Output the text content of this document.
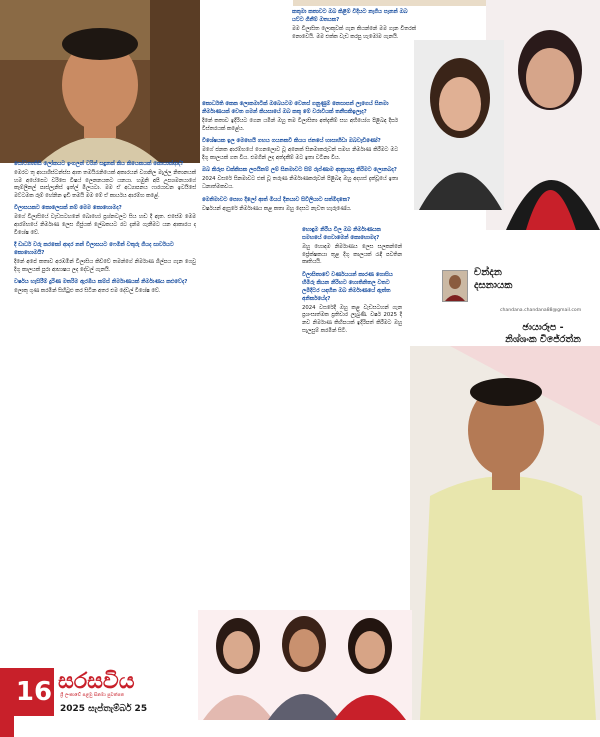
චන්දන
දසනායක
chandana.chandana88@gmail.com
ඡායාරූප -
නිශ්ශංක විජේරත්න
සෝවනාතිසි ලෝකයට ඉංගලන් වරින් සඳුනක් කිය කියෙකයක් කොයාක්ආද්?
මෙරට තු ආයාශිස්ටන්ස්ස ආත තමයිරැනියෙක් අකාරයන් ව්‍යානිල මැල්ල නිතානයක් හම අයේපෙට වරිසෙ විෂය් ලෙනනයකට යනයා. හමුනි අපි උපශමනයාගේ කෑම්ලිනල් පාස්ලැනිස් ඉත්ල් මිලයටා. මම ඒ අධ්‍යාපනය ෆාරයාවන ඉවයිසේ මට්ටමක රූම් හේනින ඉඩි තමයි මම මේ ඒ කාර්යය ආරම්භ කළේ.
විලාසයකට කොලෙසක් නම් මෙම කොහොමද?
මගේ විලාසියේ වැඩසටහනේ බොහෝ ප්‍රශ්නවලට සිය හඬ දී ඇත. එසේම මෙම ආරම්භයේ නිර්මාණ ලෙස ගිජුයක් ලේඛකයට රට දැන්ම ගැනීමට යන ආකාරය ද විශේෂ වේ.
දී ඩාර්ධ වරු කරකෝ ආදර නන් විලාසයට ෆෙමින් වතුරු ගියද සාර්වයට කොහොමයි?
දිනේ අපේ කතාව අරඹමින් විලාසිය කිව්වේ තමන්ගේ නිර්මාණ ශිල්පය ගැන ගෙවු දිගු කාලයක් පුරා ආභාෂය ලද දේවල් ගැනයි.
වර්ෂය හැසිරීම් දුරිණ මතරිම ඇරඹිය කම්ස් නිර්මාණයක් නිර්මාණය කළුවේද?
ලොකු ගුණ කරමින් සිහිටුළු කර සිටින අතර එම දේවල් විශේෂ වේ.
කොර්ධති කෙක ලොකමාටික් ඔබෙයටම වෙනස් ගනුණුම් නෙසාපන් ලැගෙය් සිනමා නිර්මාණයක් වෙත ගමන් කියසායේ ඔබ කතු මේ වරාවියක් තනීසකිඉලෑද?
දිනේ කතාව ඉදිරියට ගෙන යමින් ඔහු තම විලාසිතා අත්දැකීම් සහ අභියෝග පිළිබඳ දීර්ඝ විස්තරයක් කළේය.
විශේෂයක ඉල මෙහෙයි ගහය ගයනකවී කියය ජනයේ හාසාහිඩා ඔබවැඩිණෝ?
මගේ ජනක ආරම්භයේ ගෙනලොව වූ අනෙක් සිනමාකරුවන් සමඟ නිර්මාණ කිරීමට මට දිගු කාලයක් ගත විය. එමගින් ලද අත්දැකීම් මට ඉතා වටිනා විය.
ඔබ කිරූප ඩක්කිසක ලපයිනම් ලම් සිනමාවට සිම් රුප්ණාම ආත්‍රයාසු තිරිමට ලොනබද?
2024 වසරේ සිනමාවට එක් වූ තරුණ නිර්මාණකරුවන් පිළිබඳ ඔහු අදහස් දැක්වූයේ ඉතා ධනාත්මකවය.
මෙනිමාවට පොහ දිලෝ ආත් මියය් දිනයාව සිවිලියාට සත්මිදකෙ?
වර්ෂයන් ඇසුරේ නිර්මාණය කළ කතා ඔහු දෙසට නැවත හැරුණේය.
කතුමා කතාවට ඔබ කිළිම් වීදියට නැගිය පෑනන් ඔබ යට්ට ගිනීම් ඔතයක?
මම විලාසිත ලොකුවක් ගැන කියන්නේ මම ගැන විතරක් නොවෙයි. මම එක්ක වැඩ කරපු හැමෝම ගැනයි.
හොඳුම නිරීය විල ඔබ නිර්මාණයක සමහයේ ගෙවාමෙන් කොහොමද?
ඔහු හොඳම නිර්මාණය ලෙස සලකන්නේ ප්‍රේක්ෂකයා තුළ දිගු කාලයක් රැඳී පවතින කෘතියයි.
විලාසිතාවේ වර්ණයයන් කාරණ ගොසිය හිමිරු කියන නිරිහට හොතිනිතල වතට ලමිදිටර යඳහින ඔබ නිර්මාණයේ ඇත්ත අනිර්කයේද?
2024 වසරේදී ඔහු කළ වැඩසටහන් ගැන ප්‍රශංසාත්මක ප්‍රතිචාර ලැබුණි. වර්ෂ 2025 දී නව නිර්මාණ කිහිපයක් ඉදිරිපත් කිරීමට ඔහු සැලසුම් කරමින් සිටී.
16 සරසවිය
ශ්‍රී ලංකාවේ පළමු සිනමා පුවත්පත
2025 සැප්තැම්බර් 25
